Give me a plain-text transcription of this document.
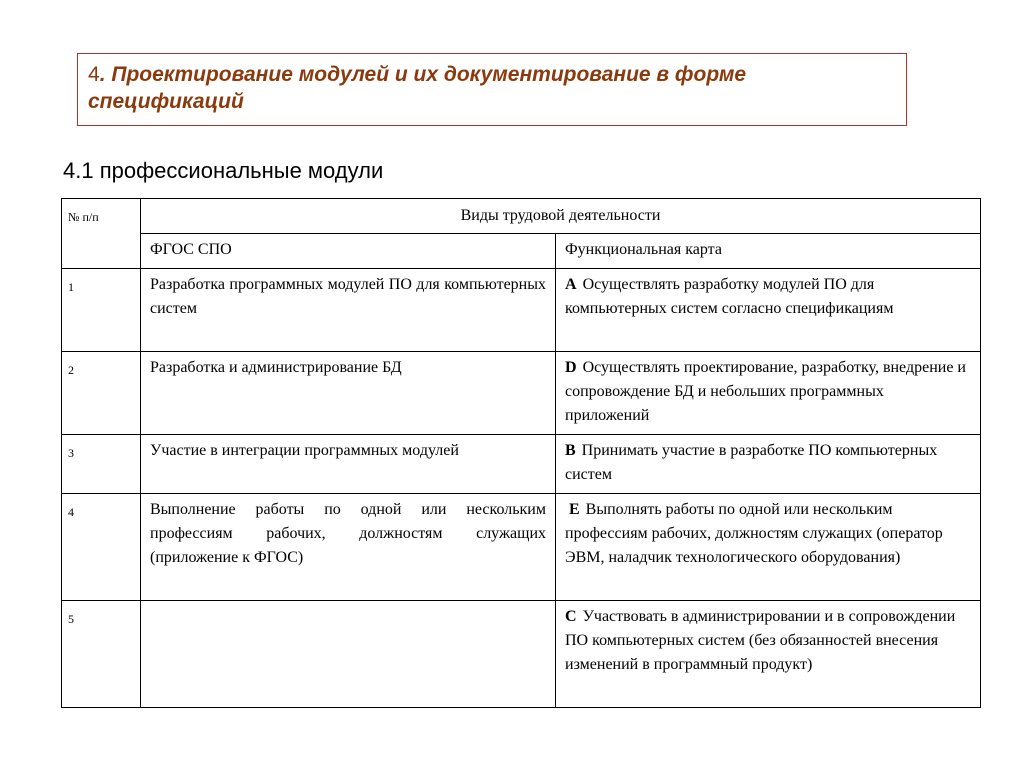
4. Проектирование модулей и их документирование в форме спецификаций
4.1 профессиональные модули
№ п/п	Виды трудовой деятельности	
	ФГОС СПО	Функциональная карта
1	Разработка программных модулей ПО для компьютерных систем	А Осуществлять разработку модулей ПО для компьютерных систем согласно спецификациям
2	Разработка и администрирование БД	D Осуществлять проектирование, разработку, внедрение и сопровождение БД и небольших программных приложений
3	Участие в интеграции программных модулей	B Принимать участие в разработке ПО компьютерных систем
4	Выполнение работы по одной или нескольким профессиям рабочих, должностям служащих (приложение к ФГОС)	E Выполнять работы по одной или нескольким профессиям рабочих, должностям служащих (оператор ЭВМ, наладчик технологического оборудования)
5		C Участвовать в администрировании и в сопровождении ПО компьютерных систем (без обязанностей внесения изменений в программный продукт)
